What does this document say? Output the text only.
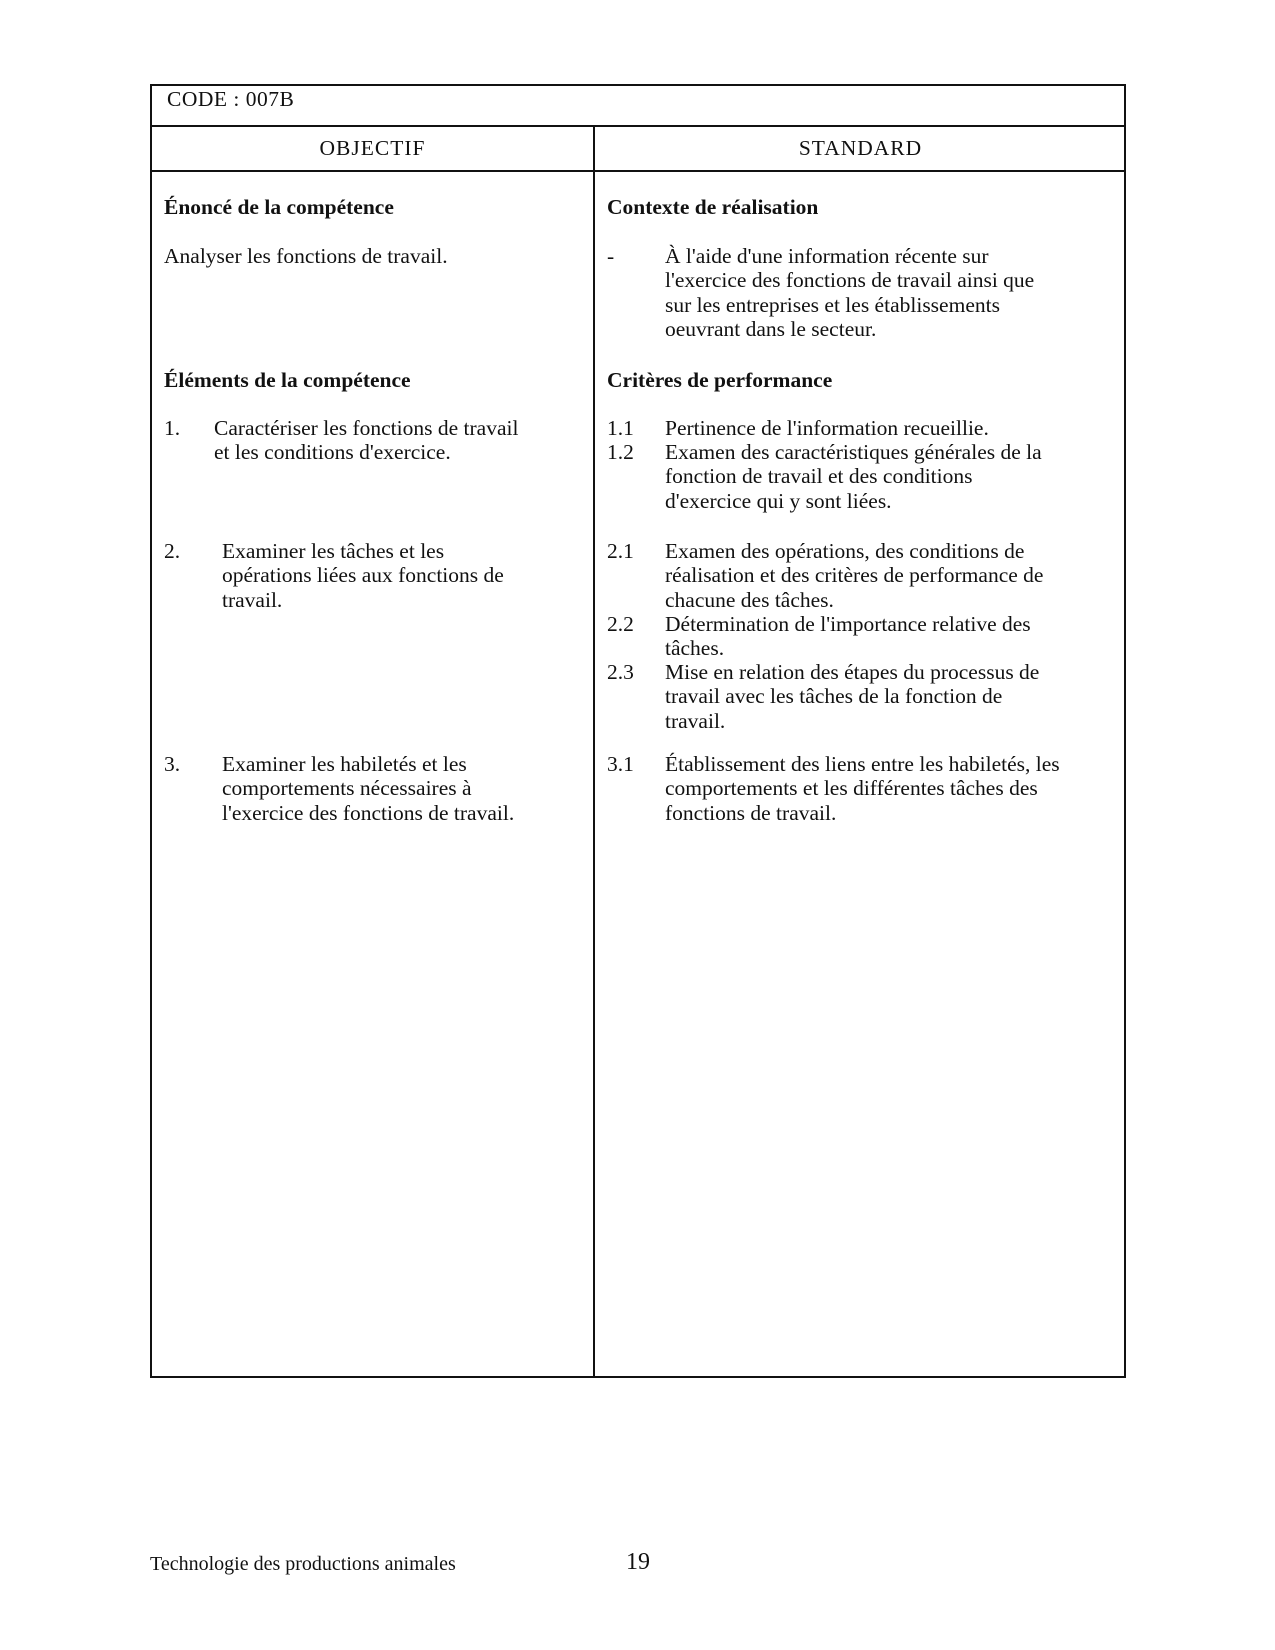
CODE : 007B
OBJECTIF	STANDARD
Énoncé de la compétence
Analyser les fonctions de travail.
Éléments de la compétence
1. Caractériser les fonctions de travail
et les conditions d'exercice.
2. Examiner les tâches et les
opérations liées aux fonctions de
travail.
3. Examiner les habiletés et les
comportements nécessaires à
l'exercice des fonctions de travail.
Contexte de réalisation
- À l'aide d'une information récente sur
l'exercice des fonctions de travail ainsi que
sur les entreprises et les établissements
oeuvrant dans le secteur.
Critères de performance
1.1 Pertinence de l'information recueillie.
1.2 Examen des caractéristiques générales de la
fonction de travail et des conditions
d'exercice qui y sont liées.
2.1 Examen des opérations, des conditions de
réalisation et des critères de performance de
chacune des tâches.
2.2 Détermination de l'importance relative des
tâches.
2.3 Mise en relation des étapes du processus de
travail avec les tâches de la fonction de
travail.
3.1 Établissement des liens entre les habiletés, les
comportements et les différentes tâches des
fonctions de travail.
Technologie des productions animales	19
